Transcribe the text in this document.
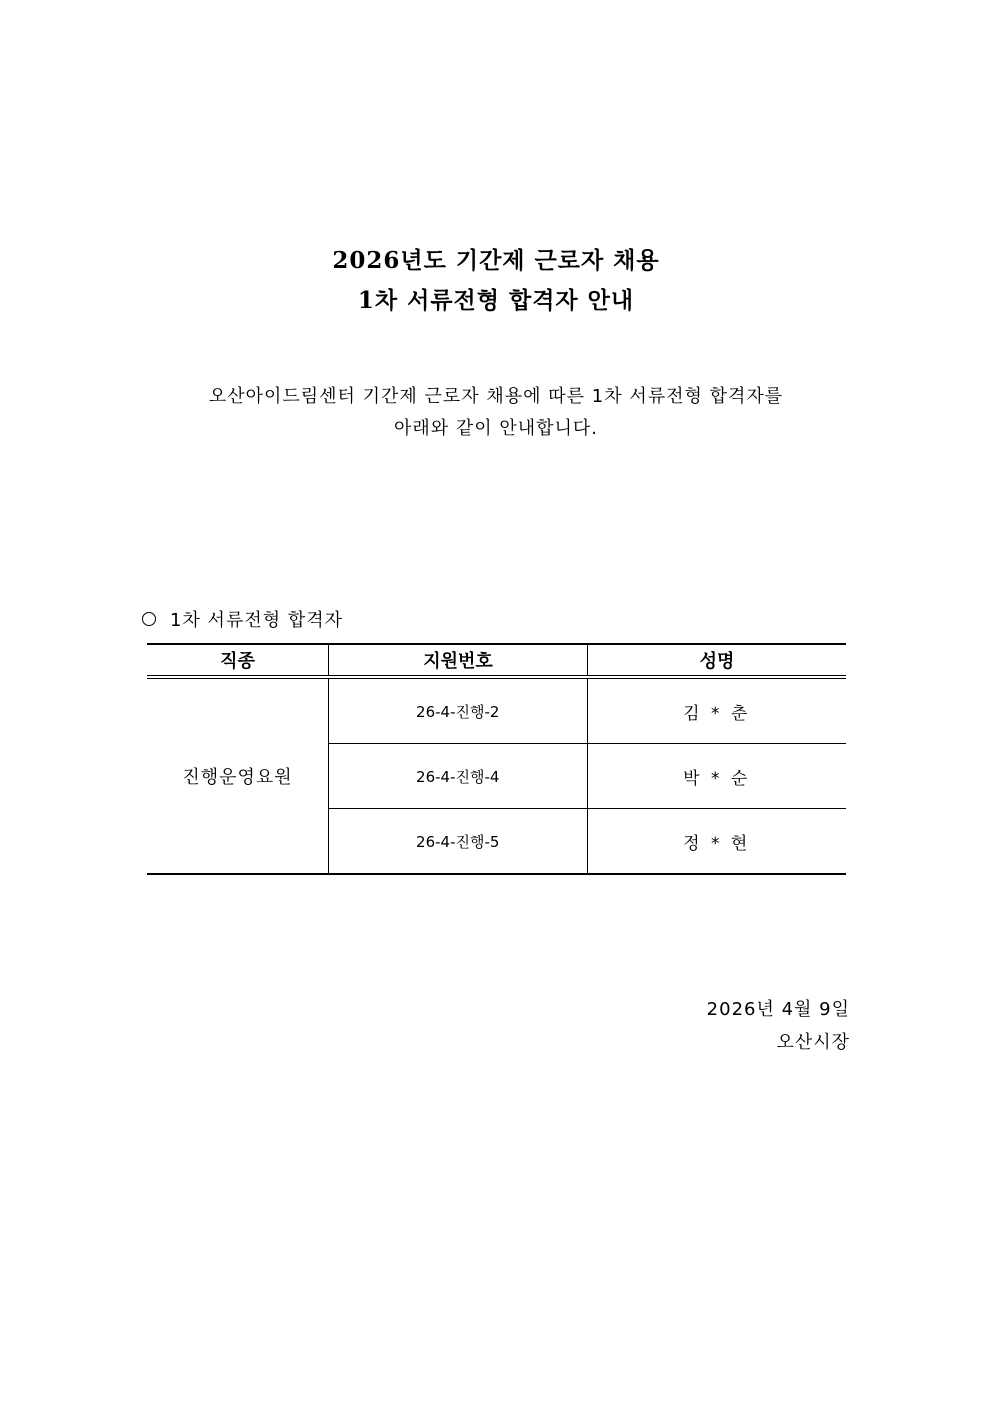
2026년도 기간제 근로자 채용
1차 서류전형 합격자 안내
오산아이드림센터 기간제 근로자 채용에 따른 1차 서류전형 합격자를
아래와 같이 안내합니다.
1차 서류전형 합격자
직종	지원번호	성명
진행운영요원
26-4-진행-2	김 * 춘
26-4-진행-4	박 * 순
26-4-진행-5	정 * 현
2026년 4월 9일
오산시장
